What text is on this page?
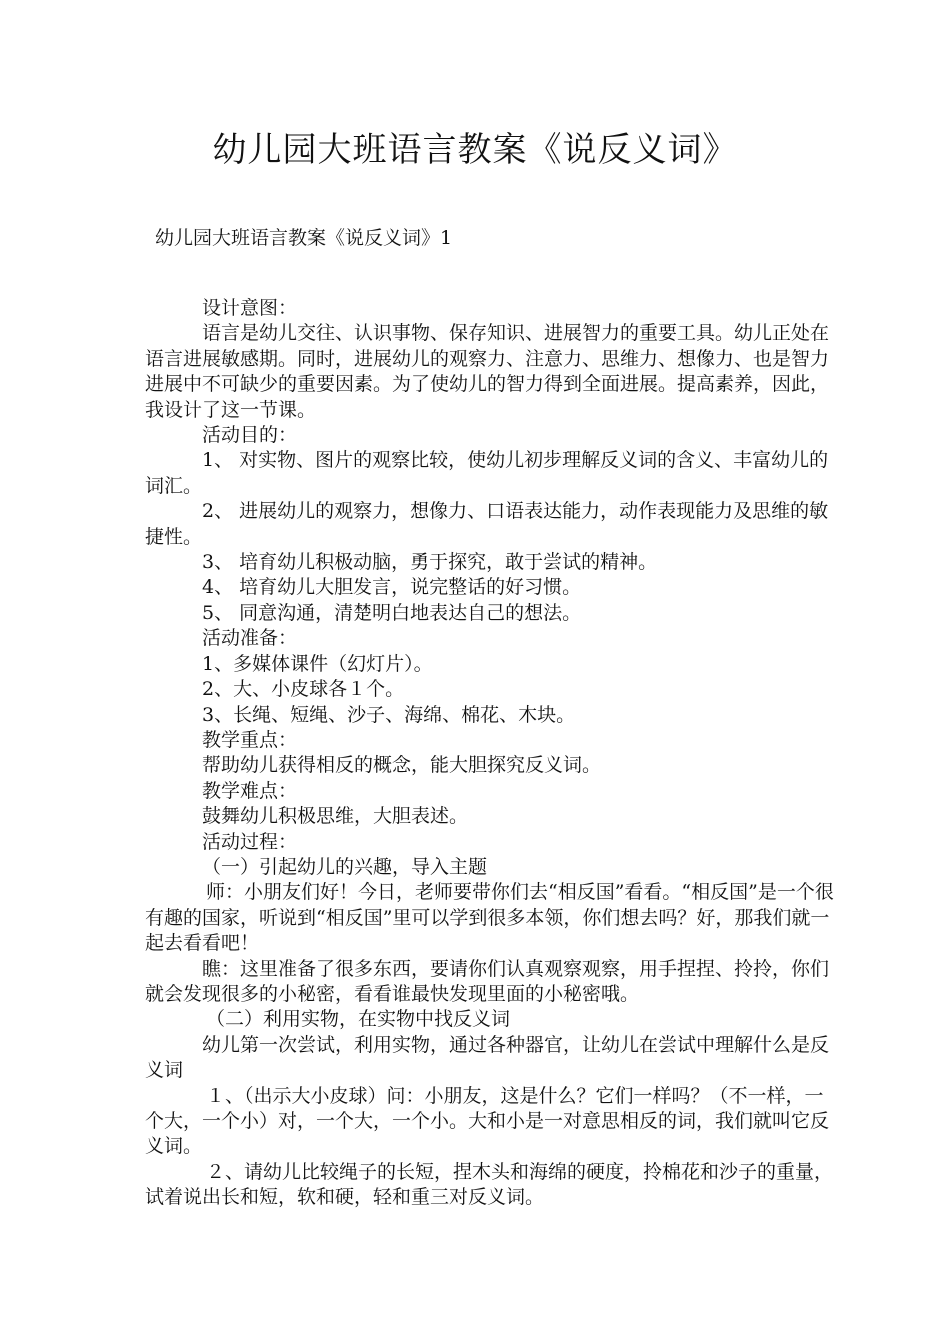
幼儿园大班语言教案《说反义词》
幼儿园大班语言教案《说反义词》1

设计意图：

语言是幼儿交往、认识事物、保存知识、进展智力的重要工具。幼儿正处在语言进展敏感期。同时，进展幼儿的观察力、注意力、思维力、想像力、也是智力进展中不可缺少的重要因素。为了使幼儿的智力得到全面进展。提高素养，因此，我设计了这一节课。

活动目的：

1、 对实物、图片的观察比较，使幼儿初步理解反义词的含义、丰富幼儿的词汇。

2、 进展幼儿的观察力，想像力、口语表达能力，动作表现能力及思维的敏捷性。

3、 培育幼儿积极动脑，勇于探究，敢于尝试的精神。

4、 培育幼儿大胆发言，说完整话的好习惯。

5、 同意沟通，清楚明白地表达自己的想法。

活动准备：

1、多媒体课件（幻灯片）。

2、大、小皮球各１个。

3、长绳、短绳、沙子、海绵、棉花、木块。

教学重点：

帮助幼儿获得相反的概念，能大胆探究反义词。

教学难点：

鼓舞幼儿积极思维，大胆表述。

活动过程：

（一）引起幼儿的兴趣，导入主题

师：小朋友们好！今日，老师要带你们去“相反国”看看。“相反国”是一个很有趣的国家，听说到“相反国”里可以学到很多本领，你们想去吗？好，那我们就一起去看看吧！

瞧：这里准备了很多东西，要请你们认真观察观察，用手捏捏、拎拎，你们就会发现很多的小秘密，看看谁最快发现里面的小秘密哦。

（二）利用实物，在实物中找反义词

幼儿第一次尝试，利用实物，通过各种器官，让幼儿在尝试中理解什么是反义词

１、（出示大小皮球）问：小朋友，这是什么？它们一样吗？（不一样，一个大，一个小）对，一个大，一个小。大和小是一对意思相反的词，我们就叫它反义词。

２、请幼儿比较绳子的长短，捏木头和海绵的硬度，拎棉花和沙子的重量，试着说出长和短，软和硬，轻和重三对反义词。
